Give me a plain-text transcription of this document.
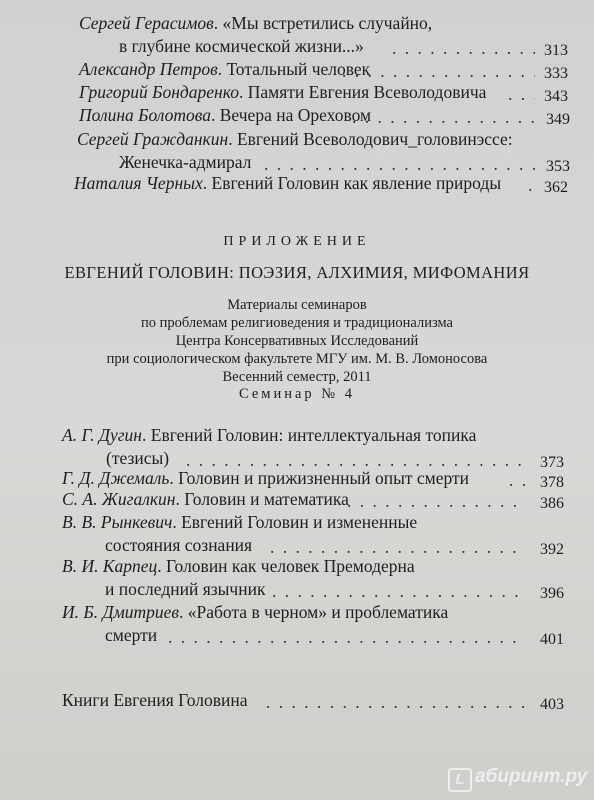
Сергей Герасимов. «Мы встретились случайно,
в глубине космической жизни...» . . .	313
Александр Петров. Тотальный человек . . .	333
Григорий Бондаренко. Памяти Евгения Всеволодовича . . .	343
Полина Болотова. Вечера на Ореховом . . .	349
Сергей Гражданкин. Евгений Всеволодович_головинэссе:
Женечка-адмирал . . .	353
Наталия Черных. Евгений Головин как явление природы . . .	362
ПРИЛОЖЕНИЕ
ЕВГЕНИЙ ГОЛОВИН: ПОЭЗИЯ, АЛХИМИЯ, МИФОМАНИЯ
Материалы семинаров
по проблемам религиоведения и традиционализма
Центра Консервативных Исследований
при социологическом факультете МГУ им. М. В. Ломоносова
Весенний семестр, 2011
Семинар № 4
А. Г. Дугин. Евгений Головин: интеллектуальная топика
(тезисы) . . .	373
Г. Д. Джемаль. Головин и прижизненный опыт смерти . . .	378
С. А. Жигалкин. Головин и математика . . .	386
В. В. Рынкевич. Евгений Головин и измененные
состояния сознания . . .	392
В. И. Карпец. Головин как человек Премодерна
и последний язычник . . .	396
И. Б. Дмитриев. «Работа в черном» и проблематика
смерти . . .	401
Книги Евгения Головина . . .	403
L абиринт.ру
